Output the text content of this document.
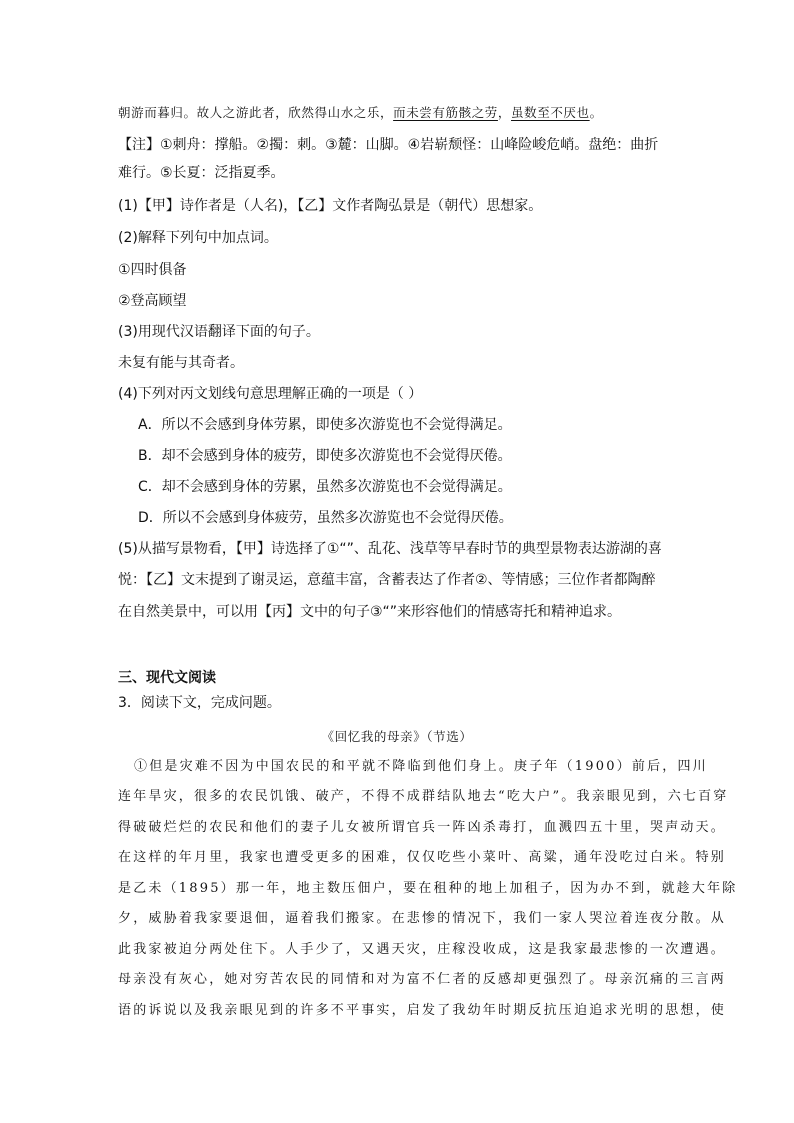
朝游而暮归。故人之游此者，欣然得山水之乐，而未尝有筋骸之劳，虽数至不厌也。
【注】①刺舟：撑船。②擉：刺。③麓：山脚。④岩崭颓怪：山峰险峻危峭。盘绝：曲折
难行。⑤长夏：泛指夏季。
(1)【甲】诗作者是（人名)，【乙】文作者陶弘景是（朝代）思想家。
(2)解释下列句中加点词。
①四时俱备
②登高顾望
(3)用现代汉语翻译下面的句子。
未复有能与其奇者。
(4)下列对丙文划线句意思理解正确的一项是（ ）
A．所以不会感到身体劳累，即使多次游览也不会觉得满足。
B．却不会感到身体的疲劳，即使多次游览也不会觉得厌倦。
C．却不会感到身体的劳累，虽然多次游览也不会觉得满足。
D．所以不会感到身体疲劳，虽然多次游览也不会觉得厌倦。
(5)从描写景物看，【甲】诗选择了①“”、乱花、浅草等早春时节的典型景物表达游湖的喜
悦：【乙】文末提到了谢灵运，意蕴丰富，含蓄表达了作者②、等情感；三位作者都陶醉
在自然美景中，可以用【丙】文中的句子③“”来形容他们的情感寄托和精神追求。
三、现代文阅读
3．阅读下文，完成问题。
《回忆我的母亲》（节选）
①但是灾难不因为中国农民的和平就不降临到他们身上。庚子年（1900）前后，四川
连年旱灾，很多的农民饥饿、破产，不得不成群结队地去“吃大户”。我亲眼见到，六七百穿
得破破烂烂的农民和他们的妻子儿女被所谓官兵一阵凶杀毒打，血溅四五十里，哭声动天。
在这样的年月里，我家也遭受更多的困难，仅仅吃些小菜叶、高粱，通年没吃过白米。特别
是乙未（1895）那一年，地主数压佃户，要在租种的地上加租子，因为办不到，就趁大年除
夕，威胁着我家要退佃，逼着我们搬家。在悲惨的情况下，我们一家人哭泣着连夜分散。从
此我家被迫分两处住下。人手少了，又遇天灾，庄稼没收成，这是我家最悲惨的一次遭遇。
母亲没有灰心，她对穷苦农民的同情和对为富不仁者的反感却更强烈了。母亲沉痛的三言两
语的诉说以及我亲眼见到的许多不平事实，启发了我幼年时期反抗压迫追求光明的思想，使
